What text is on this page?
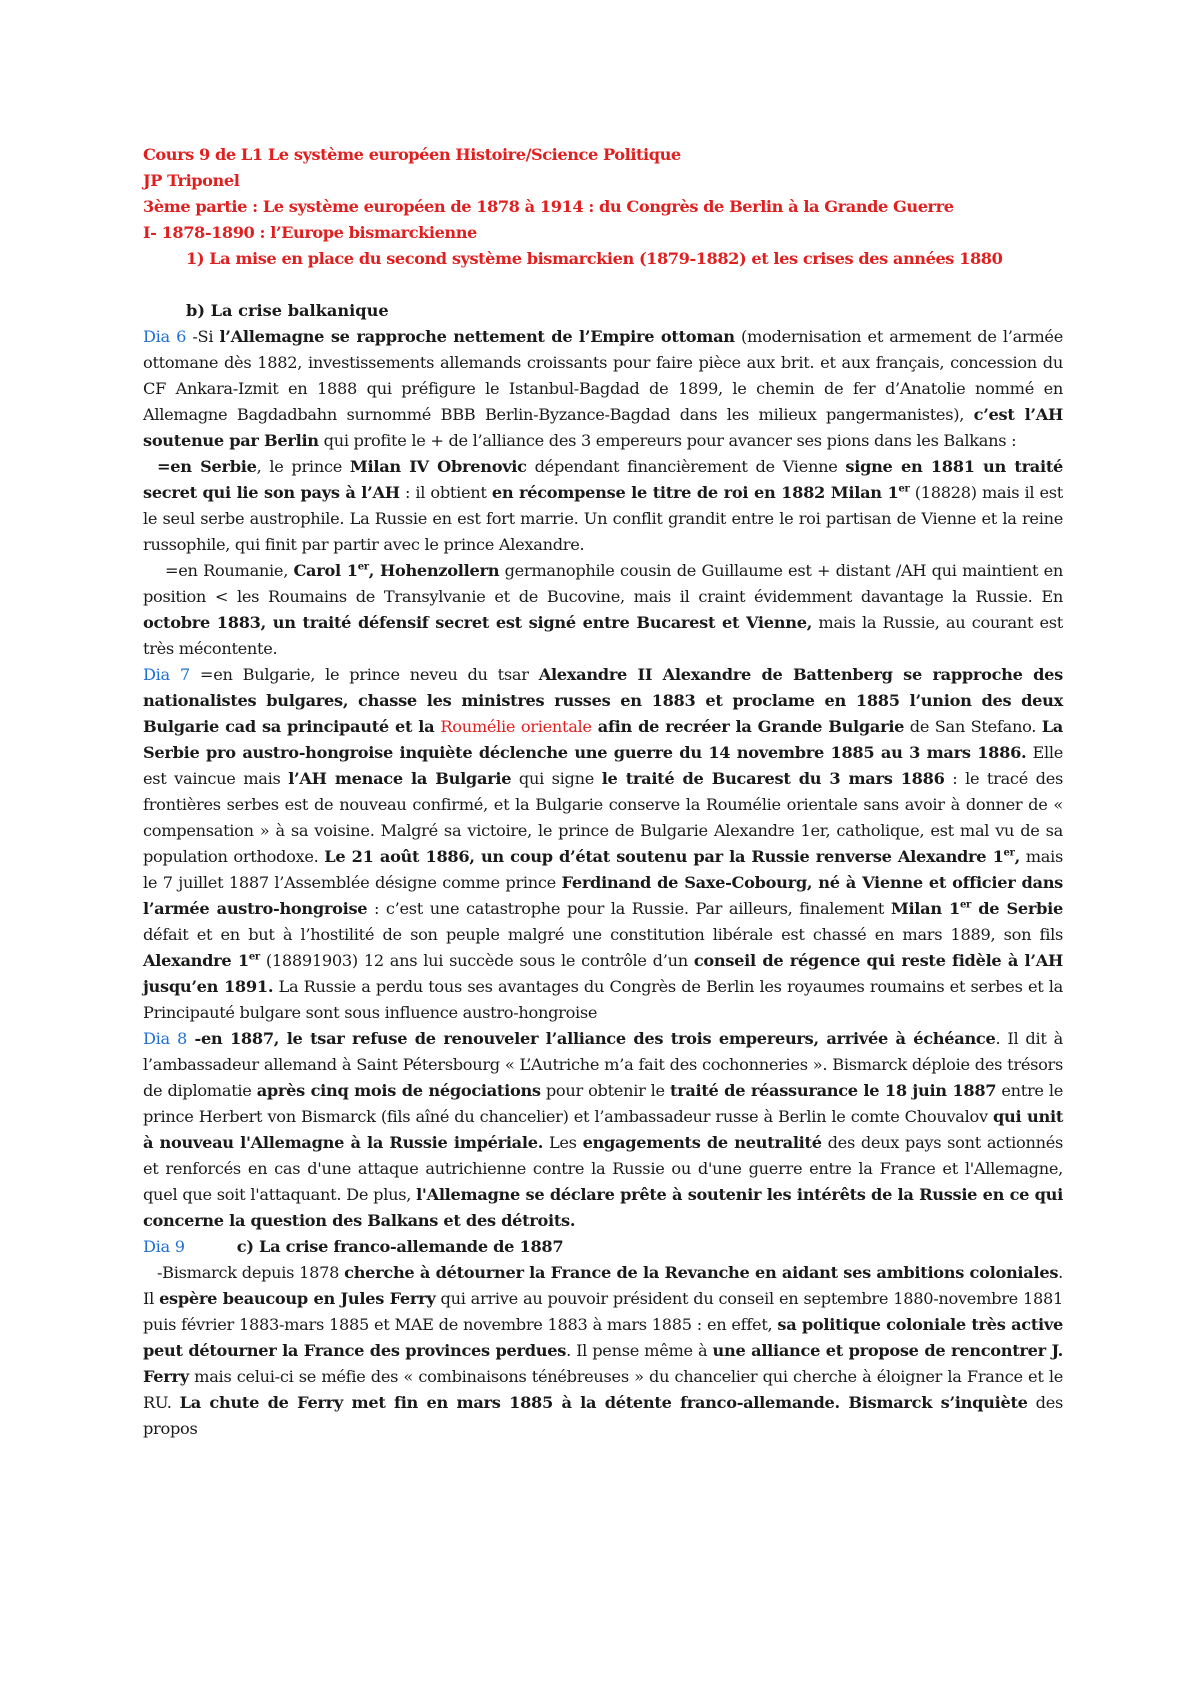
Cours 9 de L1 Le système européen Histoire/Science Politique
JP Triponel
3ème partie : Le système européen de 1878 à 1914 : du Congrès de Berlin à la Grande Guerre
I- 1878-1890 : l’Europe bismarckienne
1) La mise en place du second système bismarckien (1879-1882) et les crises des années 1880
b) La crise balkanique
Dia 6 -Si l’Allemagne se rapproche nettement de l’Empire ottoman (modernisation et armement de l’armée ottomane dès 1882, investissements allemands croissants pour faire pièce aux brit. et aux français, concession du CF Ankara-Izmit en 1888 qui préfigure le Istanbul-Bagdad de 1899, le chemin de fer d’Anatolie nommé en Allemagne Bagdadbahn surnommé BBB Berlin-Byzance-Bagdad dans les milieux pangermanistes), c’est l’AH soutenue par Berlin qui profite le + de l’alliance des 3 empereurs pour avancer ses pions dans les Balkans :
=en Serbie, le prince Milan IV Obrenovic dépendant financièrement de Vienne signe en 1881 un traité secret qui lie son pays à l’AH : il obtient en récompense le titre de roi en 1882 Milan 1er (18828) mais il est le seul serbe austrophile. La Russie en est fort marrie. Un conflit grandit entre le roi partisan de Vienne et la reine russophile, qui finit par partir avec le prince Alexandre.
=en Roumanie, Carol 1er, Hohenzollern germanophile cousin de Guillaume est + distant /AH qui maintient en position < les Roumains de Transylvanie et de Bucovine, mais il craint évidemment davantage la Russie. En octobre 1883, un traité défensif secret est signé entre Bucarest et Vienne, mais la Russie, au courant est très mécontente.
Dia 7 =en Bulgarie, le prince neveu du tsar Alexandre II Alexandre de Battenberg se rapproche des nationalistes bulgares, chasse les ministres russes en 1883 et proclame en 1885 l’union des deux Bulgarie cad sa principauté et la Roumélie orientale afin de recréer la Grande Bulgarie de San Stefano. La Serbie pro austro-hongroise inquiète déclenche une guerre du 14 novembre 1885 au 3 mars 1886. Elle est vaincue mais l’AH menace la Bulgarie qui signe le traité de Bucarest du 3 mars 1886 : le tracé des frontières serbes est de nouveau confirmé, et la Bulgarie conserve la Roumélie orientale sans avoir à donner de « compensation » à sa voisine. Malgré sa victoire, le prince de Bulgarie Alexandre 1er, catholique, est mal vu de sa population orthodoxe. Le 21 août 1886, un coup d’état soutenu par la Russie renverse Alexandre 1er, mais le 7 juillet 1887 l’Assemblée désigne comme prince Ferdinand de Saxe-Cobourg, né à Vienne et officier dans l’armée austro-hongroise : c’est une catastrophe pour la Russie. Par ailleurs, finalement Milan 1er de Serbie défait et en but à l’hostilité de son peuple malgré une constitution libérale est chassé en mars 1889, son fils Alexandre 1er (18891903) 12 ans lui succède sous le contrôle d’un conseil de régence qui reste fidèle à l’AH jusqu’en 1891. La Russie a perdu tous ses avantages du Congrès de Berlin les royaumes roumains et serbes et la Principauté bulgare sont sous influence austro-hongroise
Dia 8 -en 1887, le tsar refuse de renouveler l’alliance des trois empereurs, arrivée à échéance. Il dit à l’ambassadeur allemand à Saint Pétersbourg « L’Autriche m’a fait des cochonneries ». Bismarck déploie des trésors de diplomatie après cinq mois de négociations pour obtenir le traité de réassurance le 18 juin 1887 entre le prince Herbert von Bismarck (fils aîné du chancelier) et l’ambassadeur russe à Berlin le comte Chouvalov qui unit à nouveau l'Allemagne à la Russie impériale. Les engagements de neutralité des deux pays sont actionnés et renforcés en cas d'une attaque autrichienne contre la Russie ou d'une guerre entre la France et l'Allemagne, quel que soit l'attaquant. De plus, l'Allemagne se déclare prête à soutenir les intérêts de la Russie en ce qui concerne la question des Balkans et des détroits.
Dia 9	c) La crise franco-allemande de 1887
-Bismarck depuis 1878 cherche à détourner la France de la Revanche en aidant ses ambitions coloniales. Il espère beaucoup en Jules Ferry qui arrive au pouvoir président du conseil en septembre 1880-novembre 1881 puis février 1883-mars 1885 et MAE de novembre 1883 à mars 1885 : en effet, sa politique coloniale très active peut détourner la France des provinces perdues. Il pense même à une alliance et propose de rencontrer J. Ferry mais celui-ci se méfie des « combinaisons ténébreuses » du chancelier qui cherche à éloigner la France et le RU. La chute de Ferry met fin en mars 1885 à la détente franco-allemande. Bismarck s’inquiète des propos
